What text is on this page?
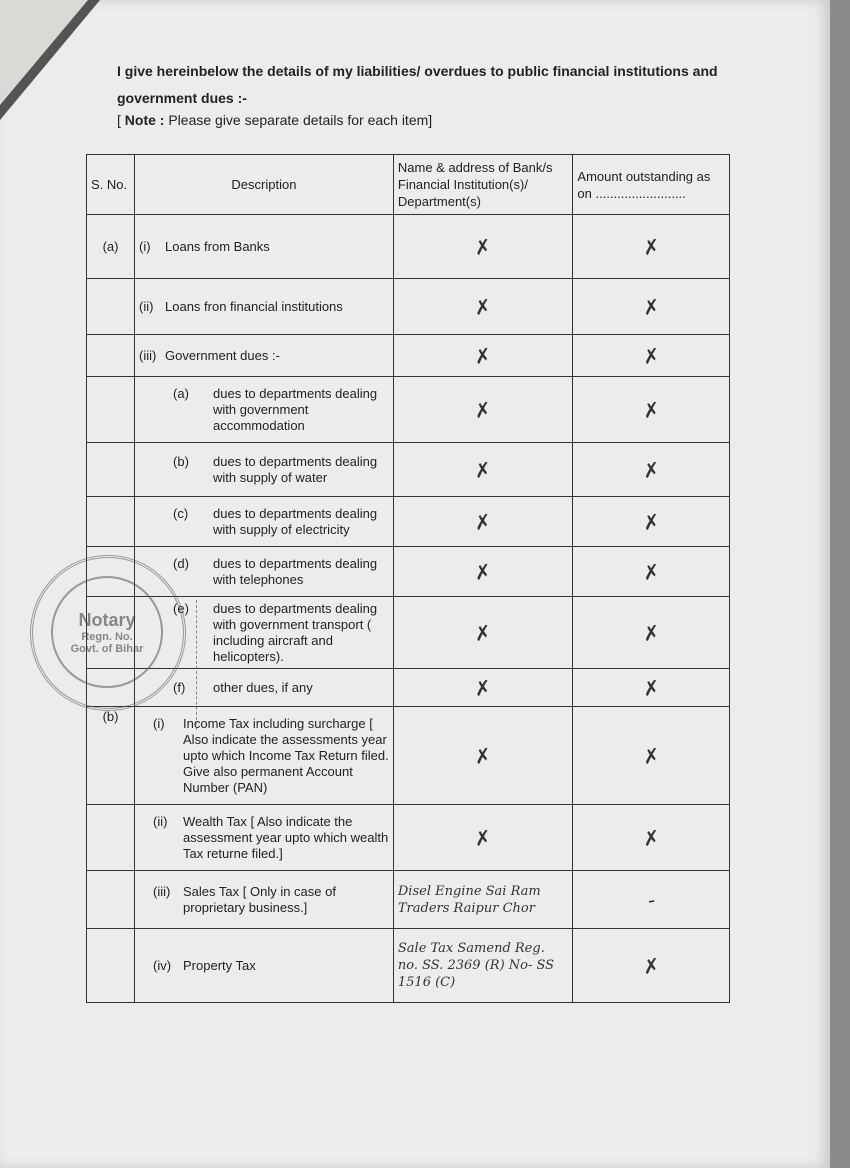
I give hereinbelow the details of my liabilities/ overdues to public financial institutions and government dues :-
[ Note : Please give separate details for each item]
S. No.	Description	Name & address of Bank/s Financial Institution(s)/ Department(s)	Amount outstanding as on .........................
(a)	(i) Loans from Banks	✗	✗
	(ii) Loans fron financial institutions	✗	✗
	(iii) Government dues :-	✗	✗

	(a) dues to departments dealing with government accommodation	✗	✗

	(b) dues to departments dealing with supply of water	✗	✗

	(c) dues to departments dealing with supply of electricity	✗	✗

	(d) dues to departments dealing with telephones	✗	✗

	(e) dues to departments dealing with government transport ( including aircraft and helicopters).	✗	✗

	(f) other dues, if any	✗	✗
(b)	(i) Income Tax including surcharge [ Also indicate the assessments year upto which Income Tax Return filed. Give also permanent Account Number (PAN)	✗	✗

	(ii) Wealth Tax [ Also indicate the assessment year upto which wealth Tax returne filed.]	✗	✗

	(iii) Sales Tax [ Only in case of proprietary business.]	Disel Engine Sai Ram Traders Raipur Chor	-

	(iv) Property Tax	Sale Tax Samend Reg. no. SS. 2369 (R) No- SS 1516 (C)	✗
Notary
Regn. No.
Govt. of Bihar
